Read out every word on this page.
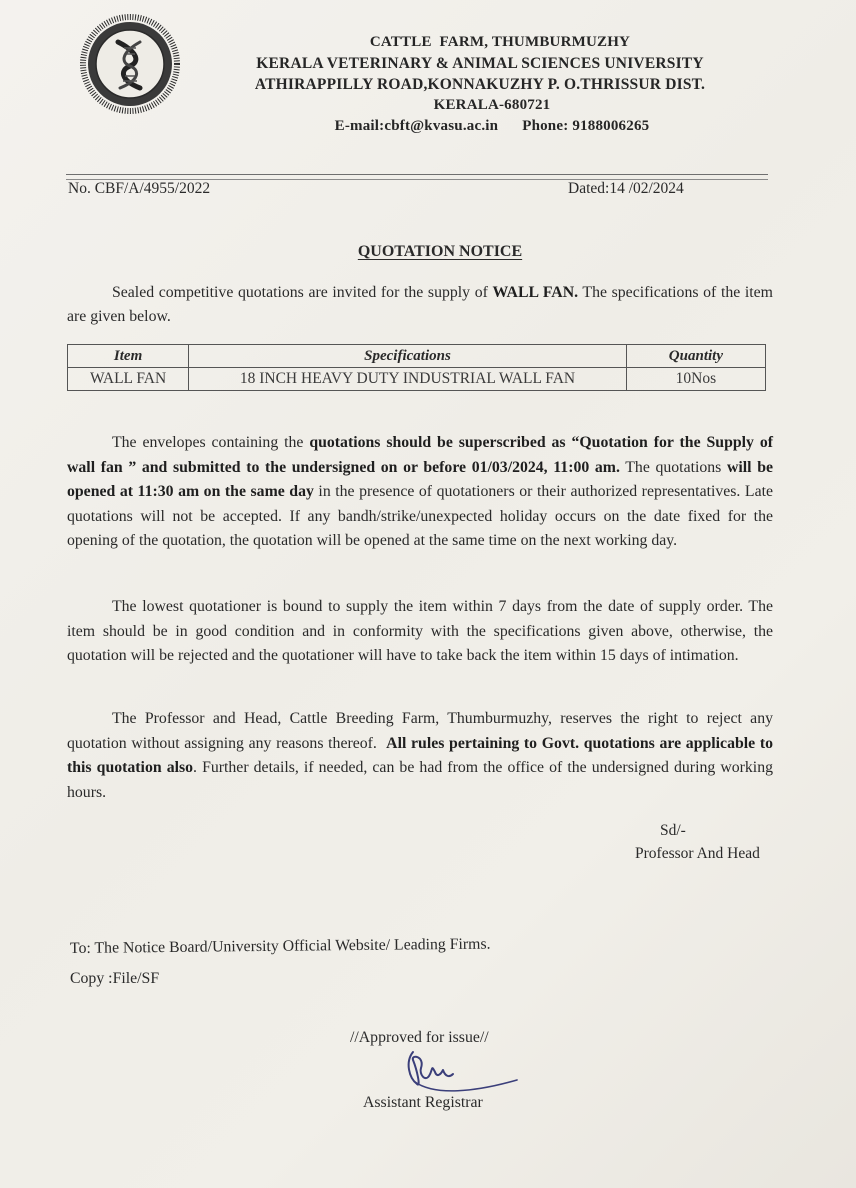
CATTLE  FARM, THUMBURMUZHY
KERALA VETERINARY & ANIMAL SCIENCES UNIVERSITY
ATHIRAPPILLY ROAD,KONNAKUZHY P. O.THRISSUR DIST.
KERALA-680721
E-mail:cbft@kvasu.ac.in Phone: 9188006265
No. CBF/A/4955/2022	Dated:14 /02/2024
QUOTATION NOTICE
Sealed competitive quotations are invited for the supply of WALL FAN. The specifications of the item are given below.
Item	Specifications	Quantity
WALL FAN	18 INCH HEAVY DUTY INDUSTRIAL WALL FAN	10Nos
The envelopes containing the quotations should be superscribed as “Quotation for the Supply of wall fan ” and submitted to the undersigned on or before 01/03/2024, 11:00 am. The quotations will be opened at 11:30 am on the same day in the presence of quotationers or their authorized representatives. Late quotations will not be accepted. If any bandh/strike/unexpected holiday occurs on the date fixed for the opening of the quotation, the quotation will be opened at the same time on the next working day.
The lowest quotationer is bound to supply the item within 7 days from the date of supply order. The item should be in good condition and in conformity with the specifications given above, otherwise, the quotation will be rejected and the quotationer will have to take back the item within 15 days of intimation.
The Professor and Head, Cattle Breeding Farm, Thumburmuzhy, reserves the right to reject any quotation without assigning any reasons thereof.  All rules pertaining to Govt. quotations are applicable to this quotation also. Further details, if needed, can be had from the office of the undersigned during working hours.
Sd/-
Professor And Head
To: The Notice Board/University Official Website/ Leading Firms.
Copy :File/SF
//Approved for issue//
Assistant Registrar
